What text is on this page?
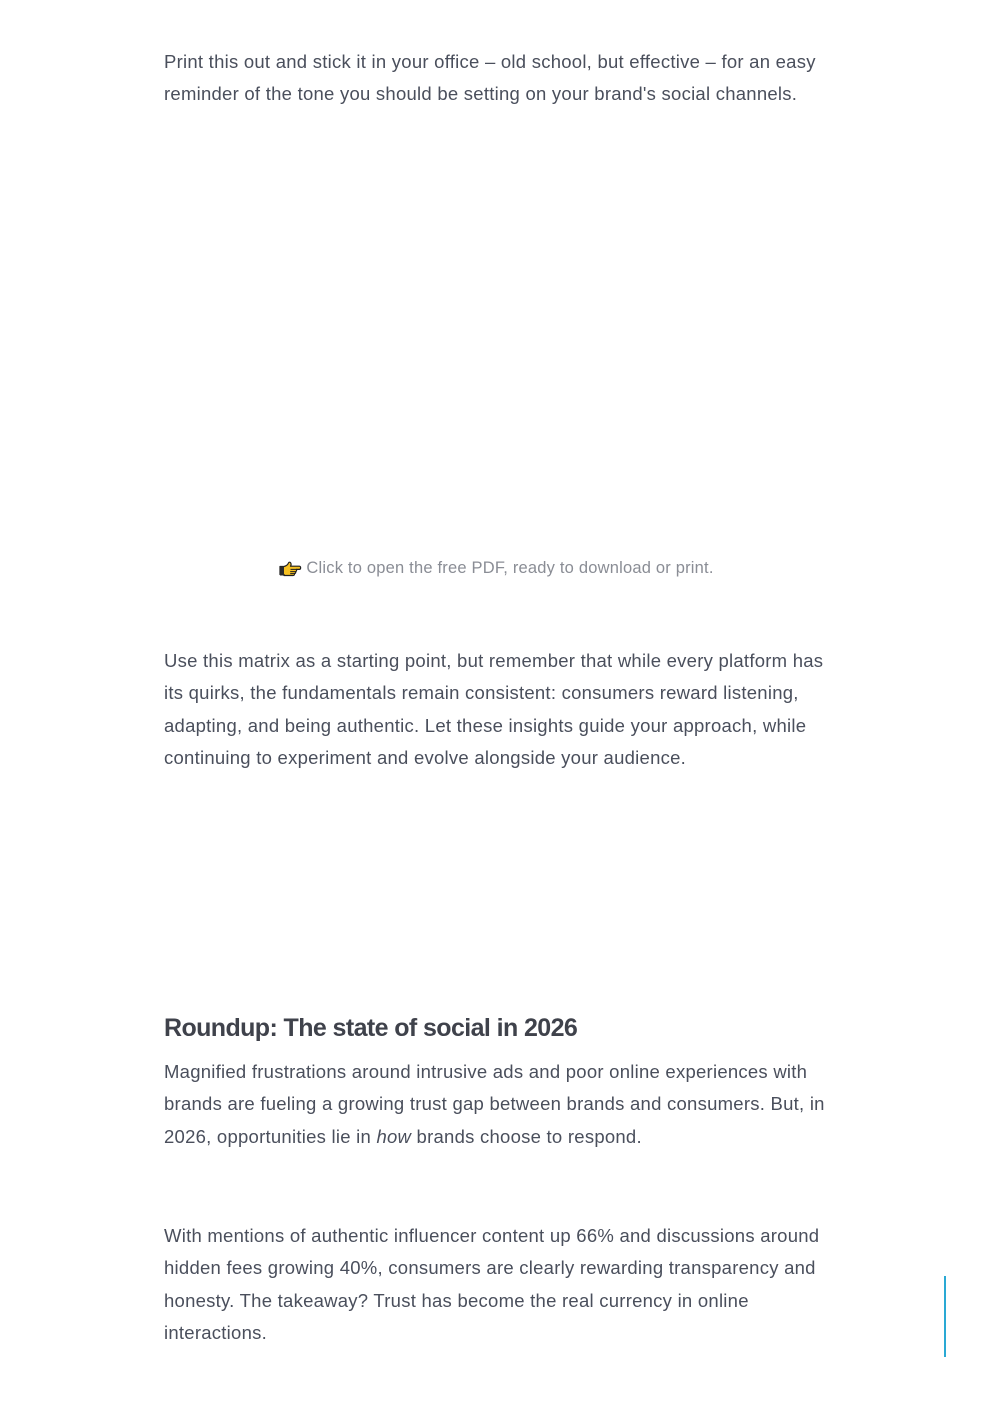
Print this out and stick it in your office – old school, but effective – for an easy reminder of the tone you should be setting on your brand's social channels.

Click to open the free PDF, ready to download or print.

Use this matrix as a starting point, but remember that while every platform has its quirks, the fundamentals remain consistent: consumers reward listening, adapting, and being authentic. Let these insights guide your approach, while continuing to experiment and evolve alongside your audience.

Roundup: The state of social in 2026

Magnified frustrations around intrusive ads and poor online experiences with brands are fueling a growing trust gap between brands and consumers. But, in 2026, opportunities lie in how brands choose to respond.

With mentions of authentic influencer content up 66% and discussions around hidden fees growing 40%, consumers are clearly rewarding transparency and honesty. The takeaway? Trust has become the real currency in online interactions.
